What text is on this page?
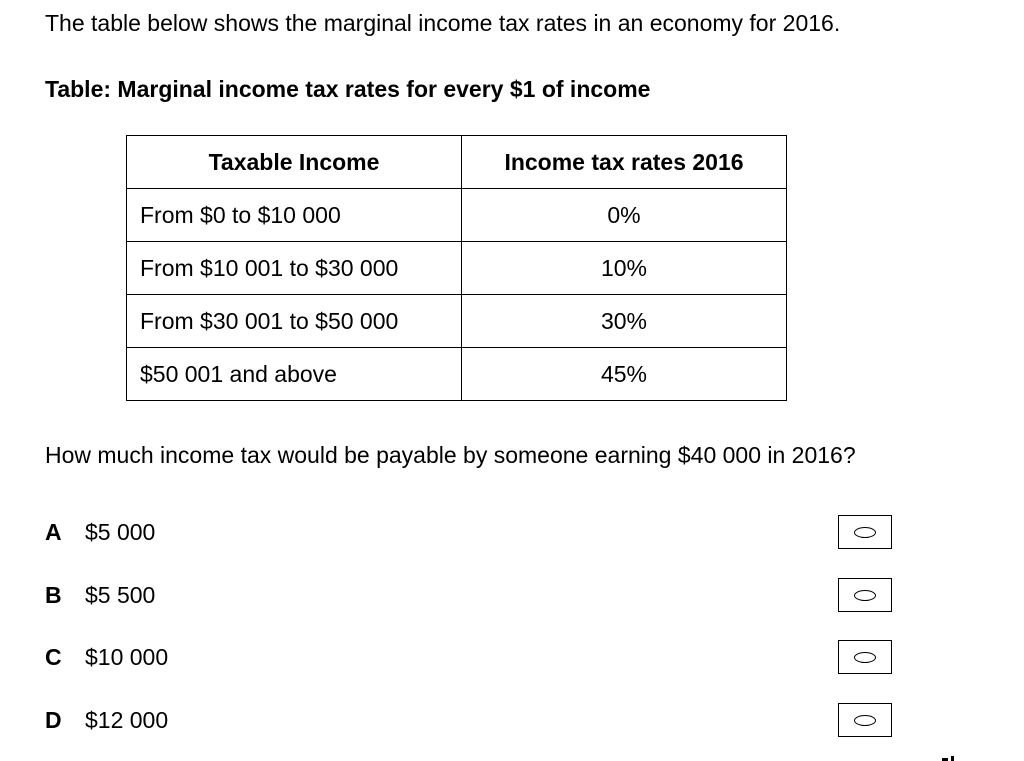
The table below shows the marginal income tax rates in an economy for 2016.
Table: Marginal income tax rates for every $1 of income
Taxable Income	Income tax rates 2016
From $0 to $10 000	0%
From $10 001 to $30 000	10%
From $30 001 to $50 000	30%
$50 001 and above	45%
How much income tax would be payable by someone earning $40 000 in 2016?
A $5 000
B $5 500
C $10 000
D $12 000
